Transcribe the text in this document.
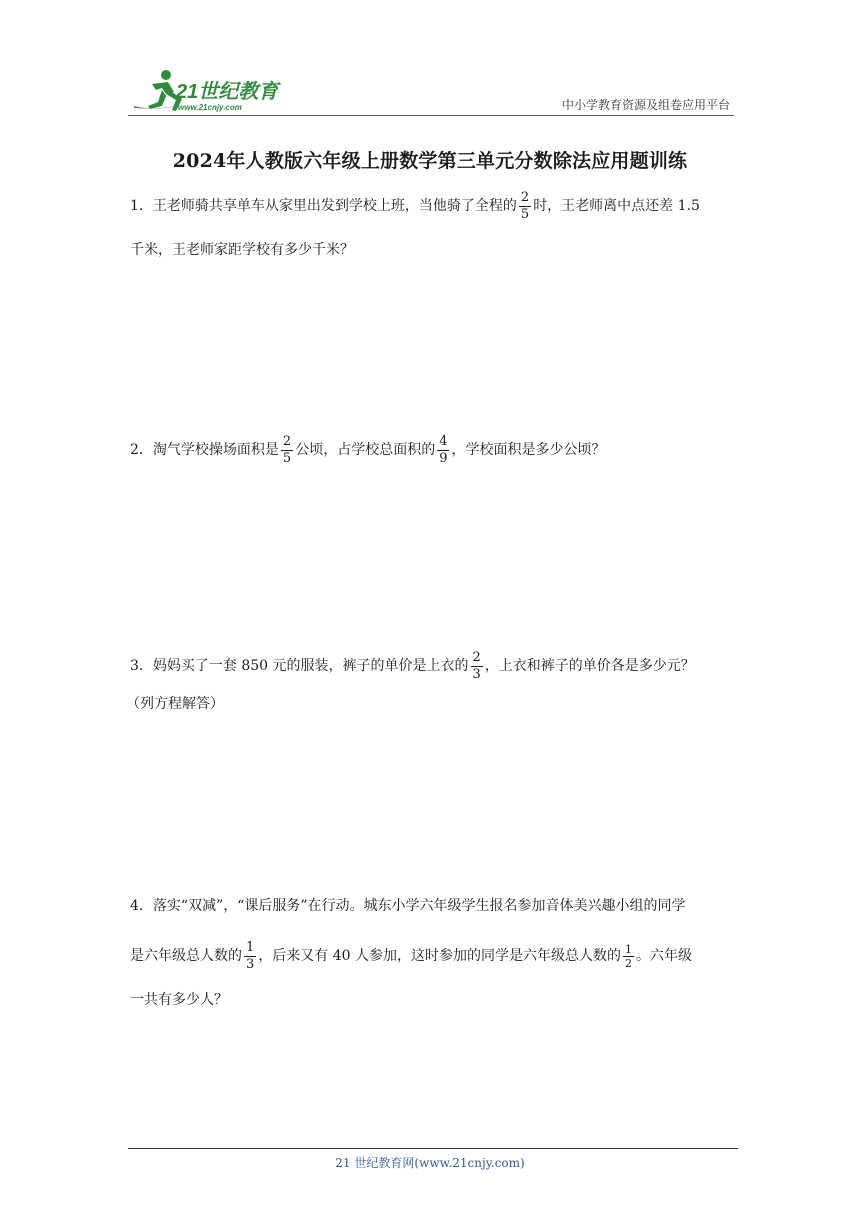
21世纪教育
www.21cnjy.com	中小学教育资源及组卷应用平台
2024年人教版六年级上册数学第三单元分数除法应用题训练
1．王老师骑共享单车从家里出发到学校上班，当他骑了全程的 $\frac{2}{5}$ 时，王老师离中点还差 1.5
千米，王老师家距学校有多少千米？
2．淘气学校操场面积是 $\frac{2}{5}$ 公顷，占学校总面积的 $\frac{4}{9}$ ，学校面积是多少公顷？
3．妈妈买了一套 850 元的服装，裤子的单价是上衣的 $\frac{2}{3}$ ，上衣和裤子的单价各是多少元？
（列方程解答）
4．落实“双减”，“课后服务”在行动。城东小学六年级学生报名参加音体美兴趣小组的同学
是六年级总人数的 $\frac{1}{3}$ ，后来又有 40 人参加，这时参加的同学是六年级总人数的 $\frac{1}{2}$ 。六年级
一共有多少人？
21 世纪教育网(www.21cnjy.com)
